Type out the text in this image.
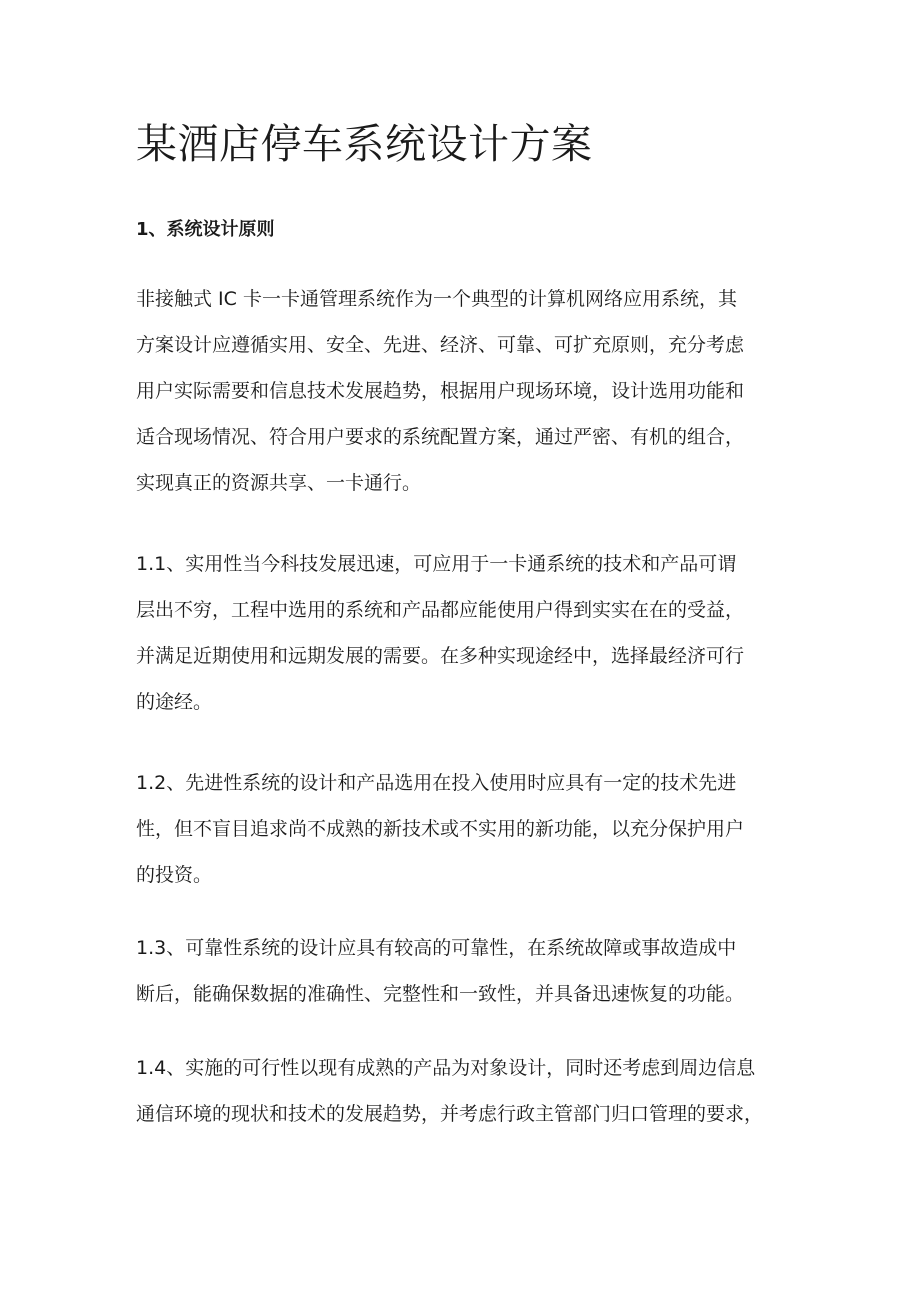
某酒店停车系统设计方案
1、系统设计原则

非接触式 IC 卡一卡通管理系统作为一个典型的计算机网络应用系统，其
方案设计应遵循实用、安全、先进、经济、可靠、可扩充原则，充分考虑
用户实际需要和信息技术发展趋势，根据用户现场环境，设计选用功能和
适合现场情况、符合用户要求的系统配置方案，通过严密、有机的组合，
实现真正的资源共享、一卡通行。

1.1、实用性当今科技发展迅速，可应用于一卡通系统的技术和产品可谓
层出不穷，工程中选用的系统和产品都应能使用户得到实实在在的受益，
并满足近期使用和远期发展的需要。在多种实现途经中，选择最经济可行
的途经。

1.2、先进性系统的设计和产品选用在投入使用时应具有一定的技术先进
性，但不盲目追求尚不成熟的新技术或不实用的新功能，以充分保护用户
的投资。

1.3、可靠性系统的设计应具有较高的可靠性，在系统故障或事故造成中
断后，能确保数据的准确性、完整性和一致性，并具备迅速恢复的功能。

1.4、实施的可行性以现有成熟的产品为对象设计，同时还考虑到周边信息
通信环境的现状和技术的发展趋势，并考虑行政主管部门归口管理的要求，
